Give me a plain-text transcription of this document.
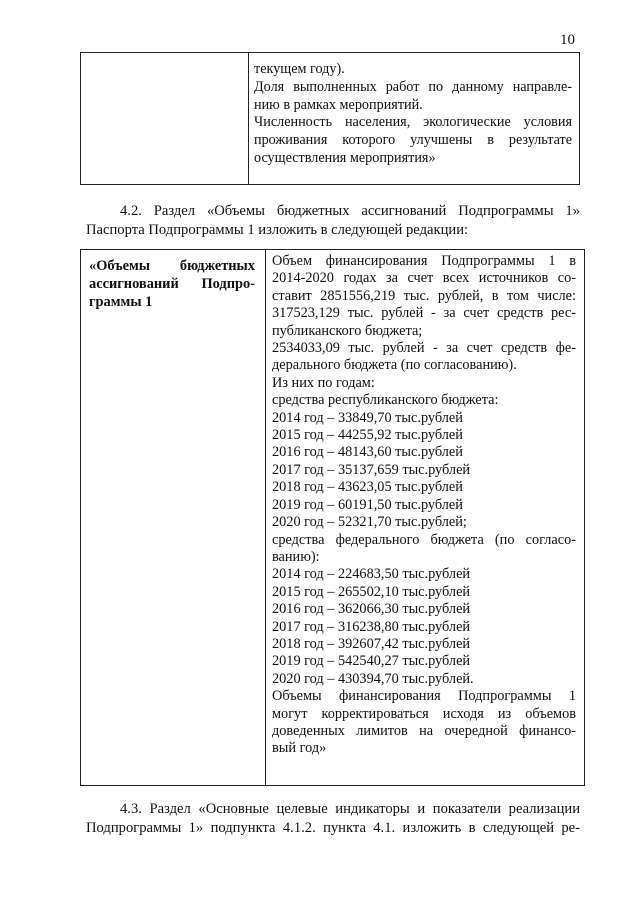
10
текущем году).
Доля выполненных работ по данному направле-
нию в рамках мероприятий.
Численность населения, экологические условия
проживания которого улучшены в результате
осуществления мероприятия»
4.2. Раздел «Объемы бюджетных ассигнований Подпрограммы 1»
Паспорта Подпрограммы 1 изложить в следующей редакции:
«Объемы бюджетных
ассигнований Подпро-
граммы 1
Объем финансирования Подпрограммы 1 в
2014-2020 годах за счет всех источников со-
ставит 2851556,219 тыс. рублей, в том числе:
317523,129 тыс. рублей - за счет средств рес-
публиканского бюджета;
2534033,09 тыс. рублей - за счет средств фе-
дерального бюджета (по согласованию).
Из них по годам:
средства республиканского бюджета:
2014 год – 33849,70 тыс.рублей
2015 год – 44255,92 тыс.рублей
2016 год – 48143,60 тыс.рублей
2017 год – 35137,659 тыс.рублей
2018 год – 43623,05 тыс.рублей
2019 год – 60191,50 тыс.рублей
2020 год – 52321,70 тыс.рублей;
средства федерального бюджета (по согласо-
ванию):
2014 год – 224683,50 тыс.рублей
2015 год – 265502,10 тыс.рублей
2016 год – 362066,30 тыс.рублей
2017 год – 316238,80 тыс.рублей
2018 год – 392607,42 тыс.рублей
2019 год – 542540,27 тыс.рублей
2020 год – 430394,70 тыс.рублей.
Объемы финансирования Подпрограммы 1
могут корректироваться исходя из объемов
доведенных лимитов на очередной финансо-
вый год»
4.3. Раздел «Основные целевые индикаторы и показатели реализации
Подпрограммы 1» подпункта 4.1.2. пункта 4.1. изложить в следующей ре-
